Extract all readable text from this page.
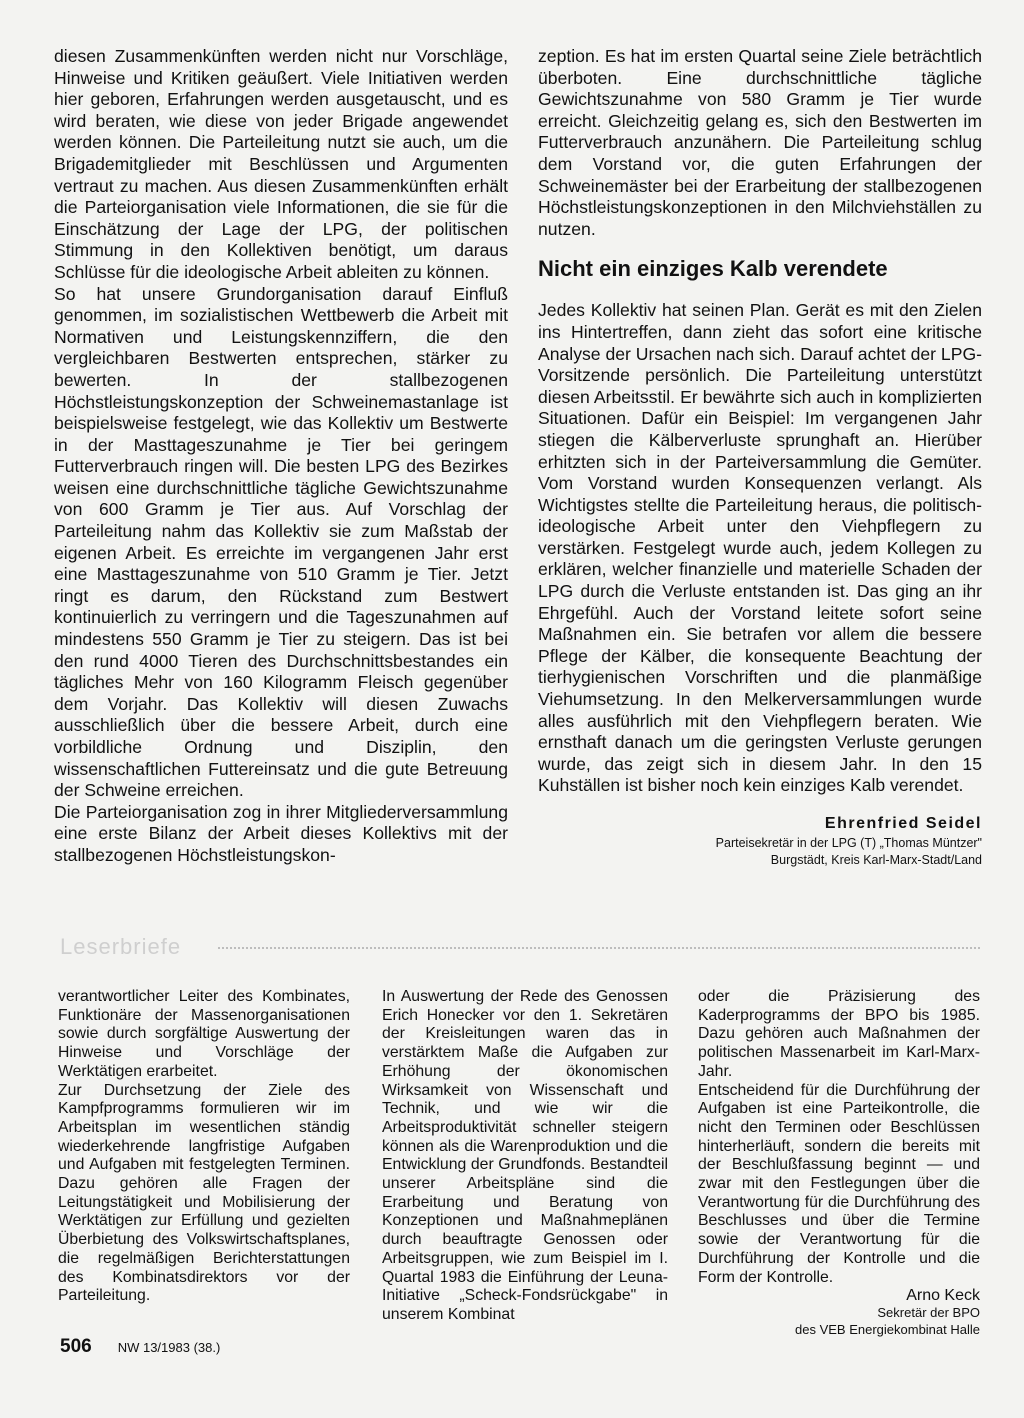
diesen Zusammenkünften werden nicht nur Vorschläge, Hinweise und Kritiken geäußert. Viele Initiativen werden hier geboren, Erfahrungen werden ausgetauscht, und es wird beraten, wie diese von jeder Brigade angewendet werden können. Die Parteileitung nutzt sie auch, um die Brigademitglieder mit Beschlüssen und Argumenten vertraut zu machen. Aus diesen Zusammenkünften erhält die Parteiorganisation viele Informationen, die sie für die Einschätzung der Lage der LPG, der politischen Stimmung in den Kollektiven benötigt, um daraus Schlüsse für die ideologische Arbeit ableiten zu können.

So hat unsere Grundorganisation darauf Einfluß genommen, im sozialistischen Wettbewerb die Arbeit mit Normativen und Leistungskennziffern, die den vergleichbaren Bestwerten entsprechen, stärker zu bewerten. In der stallbezogenen Höchstleistungskonzeption der Schweinemastanlage ist beispielsweise festgelegt, wie das Kollektiv um Bestwerte in der Masttageszunahme je Tier bei geringem Futterverbrauch ringen will. Die besten LPG des Bezirkes weisen eine durchschnittliche tägliche Gewichtszunahme von 600 Gramm je Tier aus. Auf Vorschlag der Parteileitung nahm das Kollektiv sie zum Maßstab der eigenen Arbeit. Es erreichte im vergangenen Jahr erst eine Masttageszunahme von 510 Gramm je Tier. Jetzt ringt es darum, den Rückstand zum Bestwert kontinuierlich zu verringern und die Tageszunahmen auf mindestens 550 Gramm je Tier zu steigern. Das ist bei den rund 4000 Tieren des Durchschnittsbestandes ein tägliches Mehr von 160 Kilogramm Fleisch gegenüber dem Vorjahr. Das Kollektiv will diesen Zuwachs ausschließlich über die bessere Arbeit, durch eine vorbildliche Ordnung und Disziplin, den wissenschaftlichen Futtereinsatz und die gute Betreuung der Schweine erreichen.

Die Parteiorganisation zog in ihrer Mitgliederversammlung eine erste Bilanz der Arbeit dieses Kollektivs mit der stallbezogenen Höchstleistungskon-

zeption. Es hat im ersten Quartal seine Ziele beträchtlich überboten. Eine durchschnittliche tägliche Gewichtszunahme von 580 Gramm je Tier wurde erreicht. Gleichzeitig gelang es, sich den Bestwerten im Futterverbrauch anzunähern. Die Parteileitung schlug dem Vorstand vor, die guten Erfahrungen der Schweinemäster bei der Erarbeitung der stallbezogenen Höchstleistungskonzeptionen in den Milchviehställen zu nutzen.

Nicht ein einziges Kalb verendete

Jedes Kollektiv hat seinen Plan. Gerät es mit den Zielen ins Hintertreffen, dann zieht das sofort eine kritische Analyse der Ursachen nach sich. Darauf achtet der LPG-Vorsitzende persönlich. Die Parteileitung unterstützt diesen Arbeitsstil. Er bewährte sich auch in komplizierten Situationen. Dafür ein Beispiel: Im vergangenen Jahr stiegen die Kälberverluste sprunghaft an. Hierüber erhitzten sich in der Parteiversammlung die Gemüter. Vom Vorstand wurden Konsequenzen verlangt. Als Wichtigstes stellte die Parteileitung heraus, die politisch-ideologische Arbeit unter den Viehpflegern zu verstärken. Festgelegt wurde auch, jedem Kollegen zu erklären, welcher finanzielle und materielle Schaden der LPG durch die Verluste entstanden ist. Das ging an ihr Ehrgefühl. Auch der Vorstand leitete sofort seine Maßnahmen ein. Sie betrafen vor allem die bessere Pflege der Kälber, die konsequente Beachtung der tierhygienischen Vorschriften und die planmäßige Viehumsetzung. In den Melkerversammlungen wurde alles ausführlich mit den Viehpflegern beraten. Wie ernsthaft danach um die geringsten Verluste gerungen wurde, das zeigt sich in diesem Jahr. In den 15 Kuhställen ist bisher noch kein einziges Kalb verendet.

Ehrenfried Seidel
Parteisekretär in der LPG (T) „Thomas Müntzer"
Burgstädt, Kreis Karl-Marx-Stadt/Land
Leserbriefe

verantwortlicher Leiter des Kombinates, Funktionäre der Massenorganisationen sowie durch sorgfältige Auswertung der Hinweise und Vorschläge der Werktätigen erarbeitet.
Zur Durchsetzung der Ziele des Kampfprogramms formulieren wir im Arbeitsplan im wesentlichen ständig wiederkehrende langfristige Aufgaben und Aufgaben mit festgelegten Terminen. Dazu gehören alle Fragen der Leitungstätigkeit und Mobilisierung der Werktätigen zur Erfüllung und gezielten Überbietung des Volkswirtschaftsplanes, die regelmäßigen Berichterstattungen des Kombinatsdirektors vor der Parteileitung.

In Auswertung der Rede des Genossen Erich Honecker vor den 1. Sekretären der Kreisleitungen waren das in verstärktem Maße die Aufgaben zur Erhöhung der ökonomischen Wirksamkeit von Wissenschaft und Technik, und wie wir die Arbeitsproduktivität schneller steigern können als die Warenproduktion und die Entwicklung der Grundfonds. Bestandteil unserer Arbeitspläne sind die Erarbeitung und Beratung von Konzeptionen und Maßnahmeplänen durch beauftragte Genossen oder Arbeitsgruppen, wie zum Beispiel im I. Quartal 1983 die Einführung der Leuna-Initiative „Scheck-Fondsrückgabe" in unserem Kombinat

oder die Präzisierung des Kaderprogramms der BPO bis 1985. Dazu gehören auch Maßnahmen der politischen Massenarbeit im Karl-Marx-Jahr.
Entscheidend für die Durchführung der Aufgaben ist eine Parteikontrolle, die nicht den Terminen oder Beschlüssen hinterherläuft, sondern die bereits mit der Beschlußfassung beginnt — und zwar mit den Festlegungen über die Verantwortung für die Durchführung des Beschlusses und über die Termine sowie der Verantwortung für die Durchführung der Kontrolle und die Form der Kontrolle.

Arno Keck
Sekretär der BPO
des VEB Energiekombinat Halle
506 NW 13/1983 (38.)
